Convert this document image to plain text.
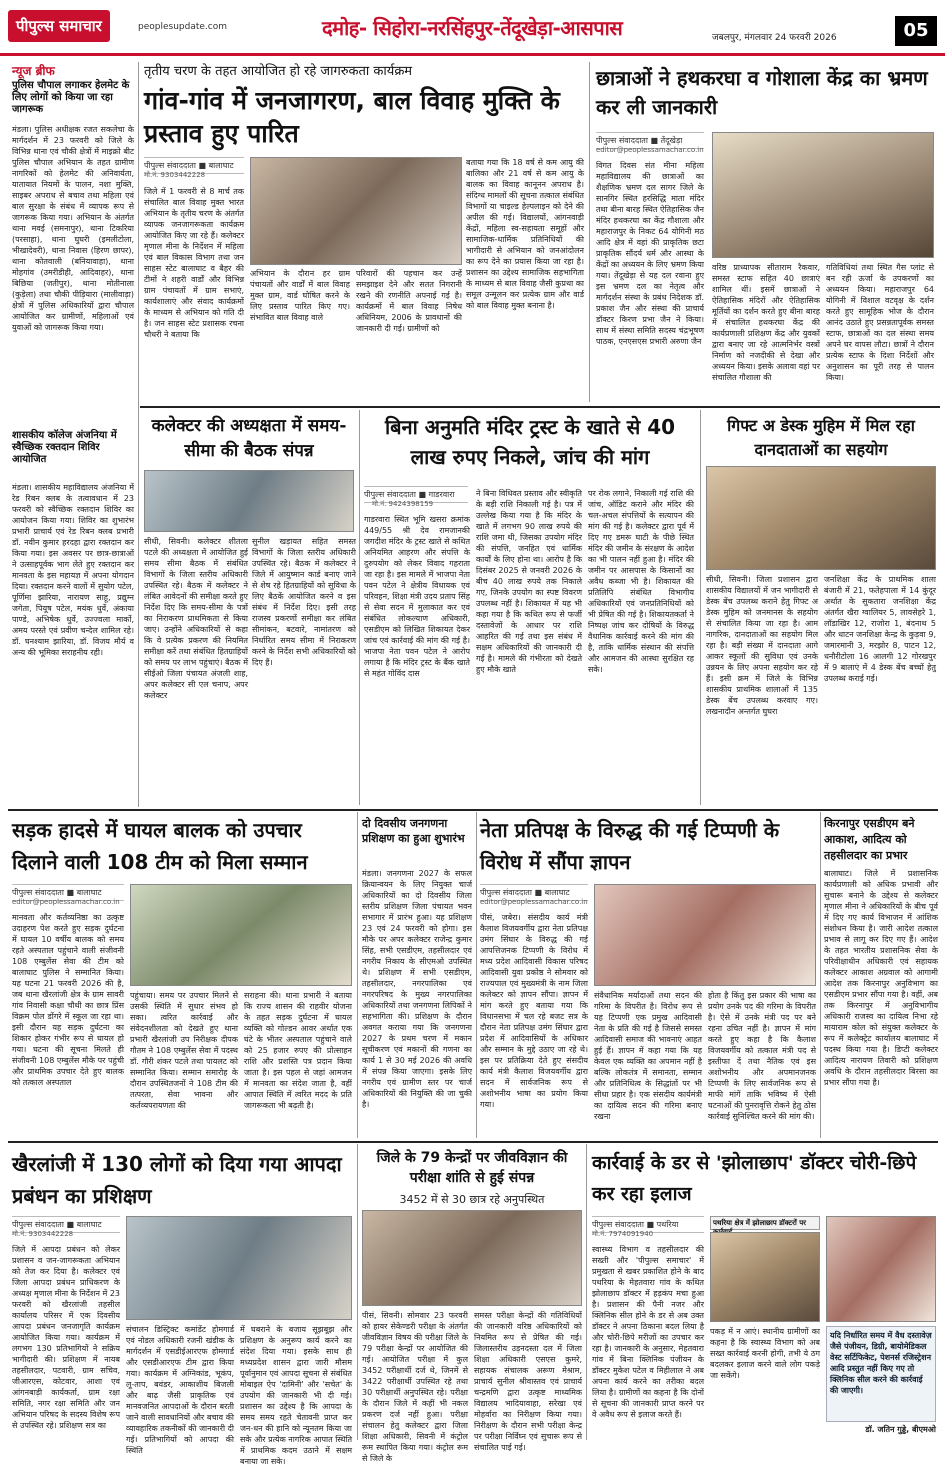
पीपुल्स समाचार	peoplesupdate.com	दमोह- सिहोरा-नरसिंहपुर-तेंदूखेड़ा-आसपास	जबलपुर, मंगलवार 24 फरवरी 2026	05
न्यूज ब्रीफ
पुलिस चौपाल लगाकर हेलमेट के लिए लोगों को किया जा रहा जागरूक
मंडला। पुलिस अधीक्षक रजत सकलेचा के मार्गदर्शन में 23 फरवरी को जिले के विभिन्न थाना एवं चौकी क्षेत्रों में माइक्रो बीट पुलिस चौपाल अभियान के तहत ग्रामीण नागरिकों को हेलमेट की अनिवार्यता, यातायात नियमों के पालन, नशा मुक्ति, साइबर अपराध से बचाव तथा महिला एवं बाल सुरक्षा के संबंध में व्यापक रूप से जागरूक किया गया। अभियान के अंतर्गत थाना मवई (समनापुर), थाना टिकरिया (परसाहा), थाना घुघरी (इमलीटोला, भीखादेवरी), थाना निवास (हिरण छापर), थाना कोतवाली (बनियावाहा), थाना मोहगांव (उमरीडीही, आदिवाहर), थाना बिछिया (जतीपुर), थाना मोतीनाला (कुड़ेला) तथा चौकी पीड़ियारा (मालीवाड़ा) क्षेत्रों में पुलिस अधिकारियों द्वारा चौपाल आयोजित कर ग्रामीणों, महिलाओं एवं युवाओं को जागरूक किया गया।
शासकीय कॉलेज अंजनिया में स्वैच्छिक रक्तदान शिविर आयोजित
मंडला। शासकीय महाविद्यालय अंजनिया में रेड रिबन क्लब के तत्वावधान में 23 फरवरी को स्वैच्छिक रक्तदान शिविर का आयोजन किया गया। शिविर का शुभारंभ प्रभारी प्राचार्य एवं रेड रिबन क्लब प्रभारी डॉ. नवीन कुमार हरदहा द्वारा रक्तदान कर किया गया। इस अवसर पर छात्र-छात्राओं ने उत्साहपूर्वक भाग लेते हुए रक्तदान कर मानवता के इस महायज्ञ में अपना योगदान दिया। रक्तदान करने वालों में सुयोग पटेल, पूर्णिमा झारिया, नारायण साहू, प्रद्युम्न जगेता, पियूष पटेल, मयंक धुर्वे, अंकाया पाण्डे, अभिषेक धुर्वे, उज्ज्वला मार्को, अमय परस्ते एवं प्रवीण चन्देल शामिल रहे। डॉ. घनश्याम झारिया, डॉ. विजय मौर्य व अन्य की भूमिका सराहनीय रही।
तृतीय चरण के तहत आयोजित हो रहे जागरुकता कार्यक्रम
गांव-गांव में जनजागरण, बाल विवाह मुक्ति के प्रस्ताव हुए पारित
पीपुल्स संवाददाता ■ बालाघाट
मो.नं. 9303442228
जिले में 1 फरवरी से 8 मार्च तक संचालित बाल विवाह मुक्त भारत अभियान के तृतीय चरण के अंतर्गत व्यापक जनजागरूकता कार्यक्रम आयोजित किए जा रहे हैं। कलेक्टर मृणाल मीना के निर्देशन में महिला एवं बाल विकास विभाग तथा जन साहस स्टेट बालाघाट व बैहर की टीमों ने शहरी वार्डों और विभिन्न ग्राम पंचायतों में ग्राम सभाएं, कार्यशालाएं और संवाद कार्यक्रमों के माध्यम से अभियान को गति दी है। जन साहस स्टेट प्रशासक रचना चौधरी ने बताया कि
अभियान के दौरान हर ग्राम पंचायतों और वार्डों में बाल विवाह मुक्त ग्राम, वार्ड घोषित करने के लिए प्रस्ताव पारित किए गए। संभावित बाल विवाह वाले
परिवारों की पहचान कर उन्हें समझाइश देने और सतत निगरानी रखने की रणनीति अपनाई गई है। कार्यक्रमों में बाल विवाह निषेध अधिनियम, 2006 के प्रावधानों की जानकारी दी गई। ग्रामीणों को
बताया गया कि 18 वर्ष से कम आयु की बालिका और 21 वर्ष से कम आयु के बालक का विवाह कानूनन अपराध है। संदिग्ध मामलों की सूचना तत्काल संबंधित विभागों या चाइल्ड हेल्पलाइन को देने की अपील की गई। विद्यालयों, आंगनवाड़ी केंद्रों, महिला स्व-सहायता समूहों और सामाजिक-धार्मिक प्रतिनिधियों की भागीदारी से अभियान को जनआंदोलन का रूप देने का प्रयास किया जा रहा है। प्रशासन का उद्देश्य सामाजिक सहभागिता के माध्यम से बाल विवाह जैसी कुप्रथा का समूल उन्मूलन कर प्रत्येक ग्राम और वार्ड को बाल विवाह मुक्त बनाना है।
छात्राओं ने हथकरघा व गोशाला केंद्र का भ्रमण कर ली जानकारी
पीपुल्स संवाददाता ■ तेंदूखेड़ा
editor@peoplessamachar.co.in
विगत दिवस संत मीना महिला महाविद्यालय की छात्राओं का शैक्षणिक भ्रमण दल सागर जिले के सानगिर स्थित हरसिद्धि माता मंदिर तथा बीना बारह स्थित ऐतिहासिक जैन मंदिर हथकरघा का केंद्र गौशाला और महाराजपुर के निकट 64 योगिनी मठ आदि क्षेत्र में वहां की प्राकृतिक छटा प्राकृतिक सौंदर्य धर्म और आस्था के केंद्रों का अध्ययन के लिए भ्रमण किया गया। तेंदूखेड़ा से यह दल रवाना हुए इस भ्रमण दल का नेतृत्व और मार्गदर्शन संस्था के प्रबंध निदेशक डॉ. प्रकाश जैन और संस्था की प्राचार्य डॉक्टर किरण प्रभा जैन ने किया। साथ में संस्था समिति सदस्य चंद्रभूषण पाठक, एनएसएस प्रभारी अरुणा जैन
वरिष्ठ प्राध्यापक सीताराम रैकवार, समस्त स्टाफ सहित 40 छात्राएं शामिल थीं। इसमें छात्राओं ने ऐतिहासिक मंदिरों और ऐतिहासिक मूर्तियों का दर्शन करते हुए बीना बारह में संचालित हथकरघा केंद्र की कार्यप्रणाली प्रशिक्षण केंद्र और युवकों द्वारा बनाए जा रहे आत्मनिर्भर वस्त्रों निर्माण को नजदीकी से देखा और अध्ययन किया। इसके अलावा वहां पर संचालित गौशाला की
गतिविधियां तथा स्थित गैस प्लांट से बन रही ऊर्जा के उपकरणों का अध्ययन किया। महाराजपुर 64 योगिनी में विशाल वटवृक्ष के दर्शन करते हुए सामूहिक भोज के दौरान आनंद उठाते हुए प्रसन्नतापूर्वक समस्त स्टाफ, छात्राओं का दल संस्था समय अपने घर वापस लौटा। छात्रों ने दौरान प्रत्येक स्टाफ के दिशा निर्देशों और अनुशासन का पूरी तरह से पालन किया।
कलेक्टर की अध्यक्षता में समय-सीमा की बैठक संपन्न
सीधी, सिवनी। कलेक्टर शीतला पटले की अध्यक्षता में आयोजित हुई समय सीमा बैठक में संबंधित विभागों के जिला स्तरीय अधिकारी उपस्थित रहे। बैठक में कलेक्टर ने लंबित आवेदनों की समीक्षा करते हुए निर्देश दिए कि समय-सीमा के पत्रों का निराकरण प्राथमिकता से किया जाए। उन्होंने अधिकारियों से कहा कि वे प्रत्येक प्रकरण की नियमित समीक्षा करें तथा संबंधित हितग्राहियों को समय पर लाभ पहुंचाएं। बैठक में सीईओ जिला पंचायत अंजली शाह, अपर कलेक्टर सी एल चनाप, अपर कलेक्टर
सुनील खड़ायत सहित समस्त विभागों के जिला स्तरीय अधिकारी उपस्थित रहे। बैठक में कलेक्टर ने जिले में आयुष्मान कार्ड बनाए जाने से शेष रहे हितग्राहियों को सुविधा के लिए बैठकें आयोजित करने व इस संबंध में निर्देश दिए। इसी तरह राजस्व प्रकरणों समीक्षा कर लंबित सीमांकन, बटवारे, नामांतरण को निर्धारित समय सीमा में निराकरण करने के निर्देश सभी अधिकारियों को दिए हैं।
बिना अनुमति मंदिर ट्रस्ट के खाते से 40 लाख रुपए निकले, जांच की मांग
पीपुल्स संवाददाता ■ गाडरवारा
मो.नं. 9424398159
गाडरवारा स्थित भूमि खसरा क्रमांक 449/55 श्री देव रामजानकी जगदीश मंदिर के ट्रस्ट खाते से कथित अनियमित आहरण और संपत्ति के दुरुपयोग को लेकर विवाद गहराता जा रहा है। इस मामले में भाजपा नेता पवन पटेल ने क्षेत्रीय विधायक एवं परिवहन, शिक्षा मंत्री उदय प्रताप सिंह से सेवा सदन में मुलाकात कर एवं संबंधित लोकल्याण अधिकारी, एसडीएम को लिखित शिकायत देकर जांच एवं कार्रवाई की मांग की गई है। भाजपा नेता पवन पटेल ने आरोप लगाया है कि मंदिर ट्रस्ट के बैंक खाते से महंत गोविंद दास
ने बिना विधिवत प्रस्ताव और स्वीकृति के बड़ी राशि निकाली गई है। पत्र में उल्लेख किया गया है कि मंदिर के खाते में लगभग 90 लाख रुपये की राशि जमा थी, जिसका उपयोग मंदिर की संपत्ति, जनहित एवं धार्मिक कार्यों के लिए होना था। आरोप है कि दिसंबर 2025 से जनवरी 2026 के बीच 40 लाख रुपये तक निकाले गए, जिनके उपयोग का स्पष्ट विवरण उपलब्ध नहीं है। शिकायत में यह भी कहा गया है कि कथित रूप से फर्जी दस्तावेजों के आधार पर राशि आहरित की गई तथा इस संबंध में सक्षम अधिकारियों की जानकारी दी गई है। मामले की गंभीरता को देखते हुए मौके खाते
पर रोक लगाने, निकाली गई राशि की जांच, ऑडिट कराने और मंदिर की चल-अचल संपत्तियों के सत्यापन की मांग की गई है। कलेक्टर द्वारा पूर्व में दिए गए डमरू घाटी के पीछे स्थित मंदिर की जमीन के संरक्षण के आदेश का भी पालन नहीं हुआ है। मंदिर की जमीन पर आसपास के किसानों का अवैध कब्जा भी है। शिकायत की प्रतिलिपि संबंधित विभागीय अधिकारियों एवं जनप्रतिनिधियों को भी प्रेषित की गई है। शिकायतकर्ता ने निष्पक्ष जांच कर दोषियों के विरुद्ध वैधानिक कार्रवाई करने की मांग की है, ताकि धार्मिक संस्थान की संपत्ति और आमजन की आस्था सुरक्षित रह सके।
गिफ्ट अ डेस्क मुहिम में मिल रहा दानदाताओं का सहयोग
सीधी, सिवनी। जिला प्रशासन द्वारा शासकीय विद्यालयों में जन भागीदारी से डेस्क बेंच उपलब्ध कराने हेतु गिफ्ट अ डेस्क मुहिम को जनमानस के सहयोग से संचालित किया जा रहा है। आम नागरिक, दानदाताओं का सहयोग मिल रहा है। बड़ी संख्या में दानदाता आगे आकर स्कूलों की सुविधा एवं उनके उन्नयन के लिए अपना सहयोग कर रहे हैं। इसी क्रम में जिले के विभिन्न शासकीय प्राथमिक शालाओं में 135 डेस्क बेंच उपलब्ध करवाए गए। लखनादौन अन्तर्गत घुघरा
जनशिक्षा केंद्र के प्राथमिक शाला बंजारी में 21, फतेहपाला में 14 कुंदूर अर्थात के सुकतारा जनशिक्षा केंद्र अंतर्गत खैरा ग्वालियर 5, लावसेहरे 1, लॉडाखिर 12, राजोरा 1, बंदनाथ 5 और धाटन जनशिक्षा केन्द्र के कुड़वा 9, जमारमानी 3, मरझोर 8, पाटन 12, धनौरीटोला 16 आलगी 12 गोरखपुर में 9 बालाएं में 4 डेस्क बेंच बच्चों हेतु उपलब्ध कराई गई।
सड़क हादसे में घायल बालक को उपचार दिलाने वाली 108 टीम को मिला सम्मान
पीपुल्स संवाददाता ■ बालाघाट
editor@peoplessamachar.co.in
मानवता और कर्तव्यनिष्ठा का उत्कृष्ट उदाहरण पेश करते हुए सड़क दुर्घटना में घायल 10 वर्षीय बालक को समय रहते अस्पताल पहुंचाने वाली संजीवनी 108 एम्बुलेंस सेवा की टीम को बालाघाट पुलिस ने सम्मानित किया। यह घटना 21 फरवरी 2026 की है, जब थाना खैरलांजी क्षेत्र के ग्राम सावरी गांव निवासी कक्षा चौथी का छात्र प्रिंस विक्रम पोल डोंगरे में स्कूल जा रहा था। इसी दौरान यह सड़क दुर्घटना का शिकार होकर गंभीर रूप से घायल हो गया। घटना की सूचना मिलते ही संजीवनी 108 एम्बुलेंस मौके पर पहुंची और प्राथमिक उपचार देते हुए बालक को तत्काल अस्पताल
पहुंचाया। समय पर उपचार मिलने से उसकी स्थिति में सुधार संभव हो सका। त्वरित कार्रवाई और संवेदनशीलता को देखते हुए थाना प्रभारी खैरलांजी उप निरीक्षक दीपक गौतम ने 108 एम्बुलेंस सेवा में पदस्थ डॉ. गौरी शंकर पटले तथा पायलट को सम्मानित किया। सम्मान समारोह के दौरान उपस्थितजनों ने 108 टीम की तत्परता, सेवा भावना और कर्तव्यपरायणता की
सराहना की। थाना प्रभारी ने बताया कि राज्य शासन की राहवीर योजना के तहत सड़क दुर्घटना में घायल व्यक्ति को गोल्डन आवर अर्थात एक घंटे के भीतर अस्पताल पहुंचाने वाले को 25 हजार रुपए की प्रोत्साहन राशि और प्रशस्ति पत्र प्रदान किया जाता है। इस पहल से जहां आमजन में मानवता का संदेश जाता है, वहीं आपात स्थिति में त्वरित मदद के प्रति जागरूकता भी बढ़ती है।
दो दिवसीय जनगणना प्रशिक्षण का हुआ शुभारंभ
मंडला। जनगणना 2027 के सफल क्रियान्वयन के लिए नियुक्त चार्ज अधिकारियों का दो दिवसीय जिला स्तरीय प्रशिक्षण जिला पंचायत भवन सभागार में प्रारंभ हुआ। यह प्रशिक्षण 23 एवं 24 फरवरी को होगा। इस मौके पर अपर कलेक्टर राजेन्द्र कुमार सिंह, सभी एसडीएम, तहसीलदार एवं नगरीय निकाय के सीएमओ उपस्थित थे। प्रशिक्षण में सभी एसडीएम, तहसीलदार, नगरपालिका एवं नगरपरिषद के मुख्य नगरपालिका अधिकारियों तथा जनगणना लिपिकों ने सहभागिता की। प्रशिक्षण के दौरान अवगत कराया गया कि जनगणना 2027 के प्रथम चरण में मकान सूचीकरण एवं मकानों की गणना का कार्य 1 से 30 मई 2026 की अवधि में संपन्न किया जाएगा। इसके लिए नगरीय एवं ग्रामीण स्तर पर चार्ज अधिकारियों की नियुक्ति की जा चुकी है।
नेता प्रतिपक्ष के विरुद्ध की गई टिप्पणी के विरोध में सौंपा ज्ञापन
पीपुल्स संवाददाता ■ बालाघाट
editor@peoplessamachar.co.in
पीसं, जबेरा। संसदीय कार्य मंत्री कैलाश विजयवर्गीय द्वारा नेता प्रतिपक्ष उमंग सिंघार के विरुद्ध की गई आपत्तिजनक टिप्पणी के विरोध में मध्य प्रदेश आदिवासी विकास परिषद आदिवासी युवा प्रकोष्ठ ने सोमवार को राज्यपाल एवं मुख्यमंत्री के नाम जिला कलेक्टर को ज्ञापन सौंपा। ज्ञापन में मांग करते हुए बताया गया कि विधानसभा में चल रहे बजट सत्र के दौरान नेता प्रतिपक्ष उमंग सिंघार द्वारा प्रदेश में आदिवासियों के अधिकार और सम्मान के मुद्दे उठाए जा रहे थे। इस पर प्रतिक्रिया देते हुए संसदीय कार्य मंत्री कैलाश विजयवर्गीय द्वारा सदन में सार्वजनिक रूप से अशोभनीय भाषा का प्रयोग किया गया।
संवैधानिक मर्यादाओं तथा सदन की गरिमा के विपरीत है। विरोध रूप से यह टिप्पणी एक प्रमुख आदिवासी नेता के प्रति की गई है जिससे समस्त आदिवासी समाज की भावनाएं आहत हुई हैं। ज्ञापन में कहा गया कि यह केवल एक व्यक्ति का अपमान नहीं है बल्कि लोकतंत्र में समानता, सम्मान और प्रतिनिधित्व के सिद्धांतों पर भी सीधा प्रहार है। एक संसदीय कार्यमंत्री का दायित्व सदन की गरिमा बनाए रखना
होता है किंतु इस प्रकार की भाषा का प्रयोग उनके पद की गरिमा के विपरीत है। ऐसे में उनके मंत्री पद पर बने रहना उचित नहीं है। ज्ञापन में मांग करते हुए कहा है कि कैलाश विजयवर्गीय को तत्काल मंत्री पद से इस्तीफा दें तथा नैतिक एवं इस अशोभनीय और अपमानजनक टिप्पणी के लिए सार्वजनिक रूप से माफी मांगें ताकि भविष्य में ऐसी घटनाओं की पुनरावृत्ति रोकने हेतु ठोस कार्रवाई सुनिश्चित करने की मांग की।
किरनापुर एसडीएम बने आकाश, आदित्य को तहसीलदार का प्रभार
बालाघाट। जिले में प्रशासनिक कार्यप्रणाली को अधिक प्रभावी और सुचारू बनाने के उद्देश्य से कलेक्टर मृणाल मीना ने अधिकारियों के बीच पूर्व में दिए गए कार्य विभाजन में आंशिक संशोधन किया है। जारी आदेश तत्काल प्रभाव से लागू कर दिए गए हैं। आदेश के तहत भारतीय प्रशासनिक सेवा के परिवीक्षाधीन अधिकारी एवं सहायक कलेक्टर आकाश अग्रवाल को आगामी आदेश तक किरनापुर अनुविभाग का एसडीएम प्रभार सौंपा गया है। वहीं, अब तक किरनापुर में अनुविभागीय अधिकारी राजस्व का दायित्व निभा रहे मायाराम कोल को संयुक्त कलेक्टर के रूप में कलेक्ट्रेट कार्यालय बालाघाट में पदस्थ किया गया है। डिप्टी कलेक्टर आदित्य नारायण तिवारी को प्रशिक्षण अवधि के दौरान तहसीलदार बिरसा का प्रभार सौंपा गया है।
खैरलांजी में 130 लोगों को दिया गया आपदा प्रबंधन का प्रशिक्षण
पीपुल्स संवाददाता ■ बालाघाट
मो.नं. 9303442228
जिले में आपदा प्रबंधन को लेकर प्रशासन व जन-जागरूकता अभियान को तेज कर दिया है। कलेक्टर एवं जिला आपदा प्रबंधन प्राधिकरण के अध्यक्ष मृणाल मीना के निर्देशन में 23 फरवरी को खैरलांजी तहसील कार्यालय परिसर में एक दिवसीय आपदा प्रबंधन जनजागृति कार्यक्रम आयोजित किया गया। कार्यक्रम में लगभग 130 प्रतिभागियों ने सक्रिय भागीदारी की। प्रशिक्षण में नायब तहसीलदार, पटवारी, ग्राम सचिव, जीआरएस, कोटवार, आशा एवं आंगनबाड़ी कार्यकर्ता, ग्राम रक्षा समिति, नगर रक्षा समिति और जन अभियान परिषद के सदस्य विशेष रूप से उपस्थित रहे। प्रशिक्षण सत्र का
संचालन डिस्ट्रिक्ट कमांडेंट होमगार्ड एवं नोडल अधिकारी रजनी खंडीक के मार्गदर्शन में एसडीईआरएफ होमगार्ड और एसडीआरएफ टीम द्वारा किया गया। कार्यक्रम में अग्निकांड, भूकंप, लू-ताप, बवंडर, आकाशीय बिजली और बाढ़ जैसी प्राकृतिक एवं मानवजनित आपदाओं के दौरान बरती जाने वाली सावधानियों और बचाव की व्यावहारिक तकनीकों की जानकारी दी गई। प्रतिभागियों को आपदा की स्थिति
में घबराने के बजाय सूझबूझ और प्रशिक्षण के अनुरूप कार्य करने का संदेश दिया गया। इसके साथ ही मध्यप्रदेश शासन द्वारा जारी मौसम पूर्वानुमान एवं आपदा सूचना से संबंधित मोबाइल ऐप 'दामिनी' और 'सचेत' के उपयोग की जानकारी भी दी गई। प्रशासन का उद्देश्य है कि आपदा के समय समय रहते चेतावनी प्राप्त कर जन-धन की हानि को न्यूनतम किया जा सके और प्रत्येक नागरिक आपात स्थिति में प्राथमिक कदम उठाने में सक्षम बनाया जा सके।
जिले के 79 केन्द्रों पर जीवविज्ञान की परीक्षा शांति से हुई संपन्न
3452 में से 30 छात्र रहे अनुपस्थित
पीसं, सिवनी। सोमवार 23 फरवरी को हायर सेकेण्डरी परीक्षा के अंतर्गत जीवविज्ञान विषय की परीक्षा जिले के 79 परीक्षा केन्द्रों पर आयोजित की गई। आयोजित परीक्षा में कुल 3452 परीक्षार्थी दर्ज थे, जिनमें से 3422 परीक्षार्थी उपस्थित रहे तथा 30 परीक्षार्थी अनुपस्थित रहे। परीक्षा के दौरान जिले में कहीं भी नकल प्रकरण दर्ज नहीं हुआ। परीक्षा संचालन हेतु कलेक्टर द्वारा जिला शिक्षा अधिकारी, सिवनी में कंट्रोल रूम स्थापित किया गया। कंट्रोल रूम से जिले के
समस्त परीक्षा केन्द्रों की गतिविधियों की जानकारी वरिष्ठ अधिकारियों को नियमित रूप से प्रेषित की गई। जिलास्तरीय उड़नदस्ता दल में जिला शिक्षा अधिकारी एसएस कुमरे, सहायक संचालक अरूण मेश्राम, प्राचार्य सुनील श्रीवास्तव एवं प्राचार्य चन्द्रमणि द्वारा उत्कृष्ट माध्यमिक विद्यालय भादियावाहा, सरेखा एवं मोहर्वारा का निरीक्षण किया गया। निरीक्षण के दौरान सभी परीक्षा केन्द्र पर परीक्षा निर्विघ्न एवं सुचारू रूप से संचालित पाई गई।
कार्रवाई के डर से 'झोलाछाप' डॉक्टर चोरी-छिपे कर रहा इलाज
पीपुल्स संवाददाता ■ पथरिया
मो.नं. 7974091940
स्वास्थ्य विभाग व तहसीलदार की सख्ती और 'पीपुल्स समाचार' में प्रमुखता से खबर प्रकाशित होने के बाद पथरिया के मेहतवारा गांव के कथित झोलाछाप डॉक्टर में हड़कंप मचा हुआ है। प्रशासन की पैनी नजर और क्लिनिक सील होने के डर से अब उक्त डॉक्टर ने अपना ठिकाना बदल लिया है और चोरी-छिपे मरीजों का उपचार कर रहा है। जानकारी के अनुसार, मेहतवारा गांव में बिना क्लिनिक पंजीयन के डॉक्टर मुकेश पटेल व मिहीलाल ने अब अपना कार्य करने का तरीका बदल लिया है। ग्रामीणों का कहना है कि दोनों से सूचना की जानकारी प्राप्त करने पर वे अवैध रूप से इलाज करते हैं।
पथरिया क्षेत्र में झोलाछाप डॉक्टरों पर
पकड़ में न आएं। स्थानीय ग्रामीणों का कहना है कि स्वास्थ्य विभाग को अब सख्त कार्रवाई करनी होगी, तभी ये ठग बदलकर इलाज करने वाले लोग पकड़े जा सकेंगे।
यदि निर्धारित समय में वैध दस्तावेज़ जैसे पंजीयन, डिग्री, बायोमेडिकल वेस्ट सर्टिफिकेट, पेशनर्स रजिस्ट्रेशन आदि प्रस्तुत नहीं किए गए तो क्लिनिक सील करने की कार्रवाई की जाएगी।
डॉ. जतिन गुड्डे, बीएमओ
